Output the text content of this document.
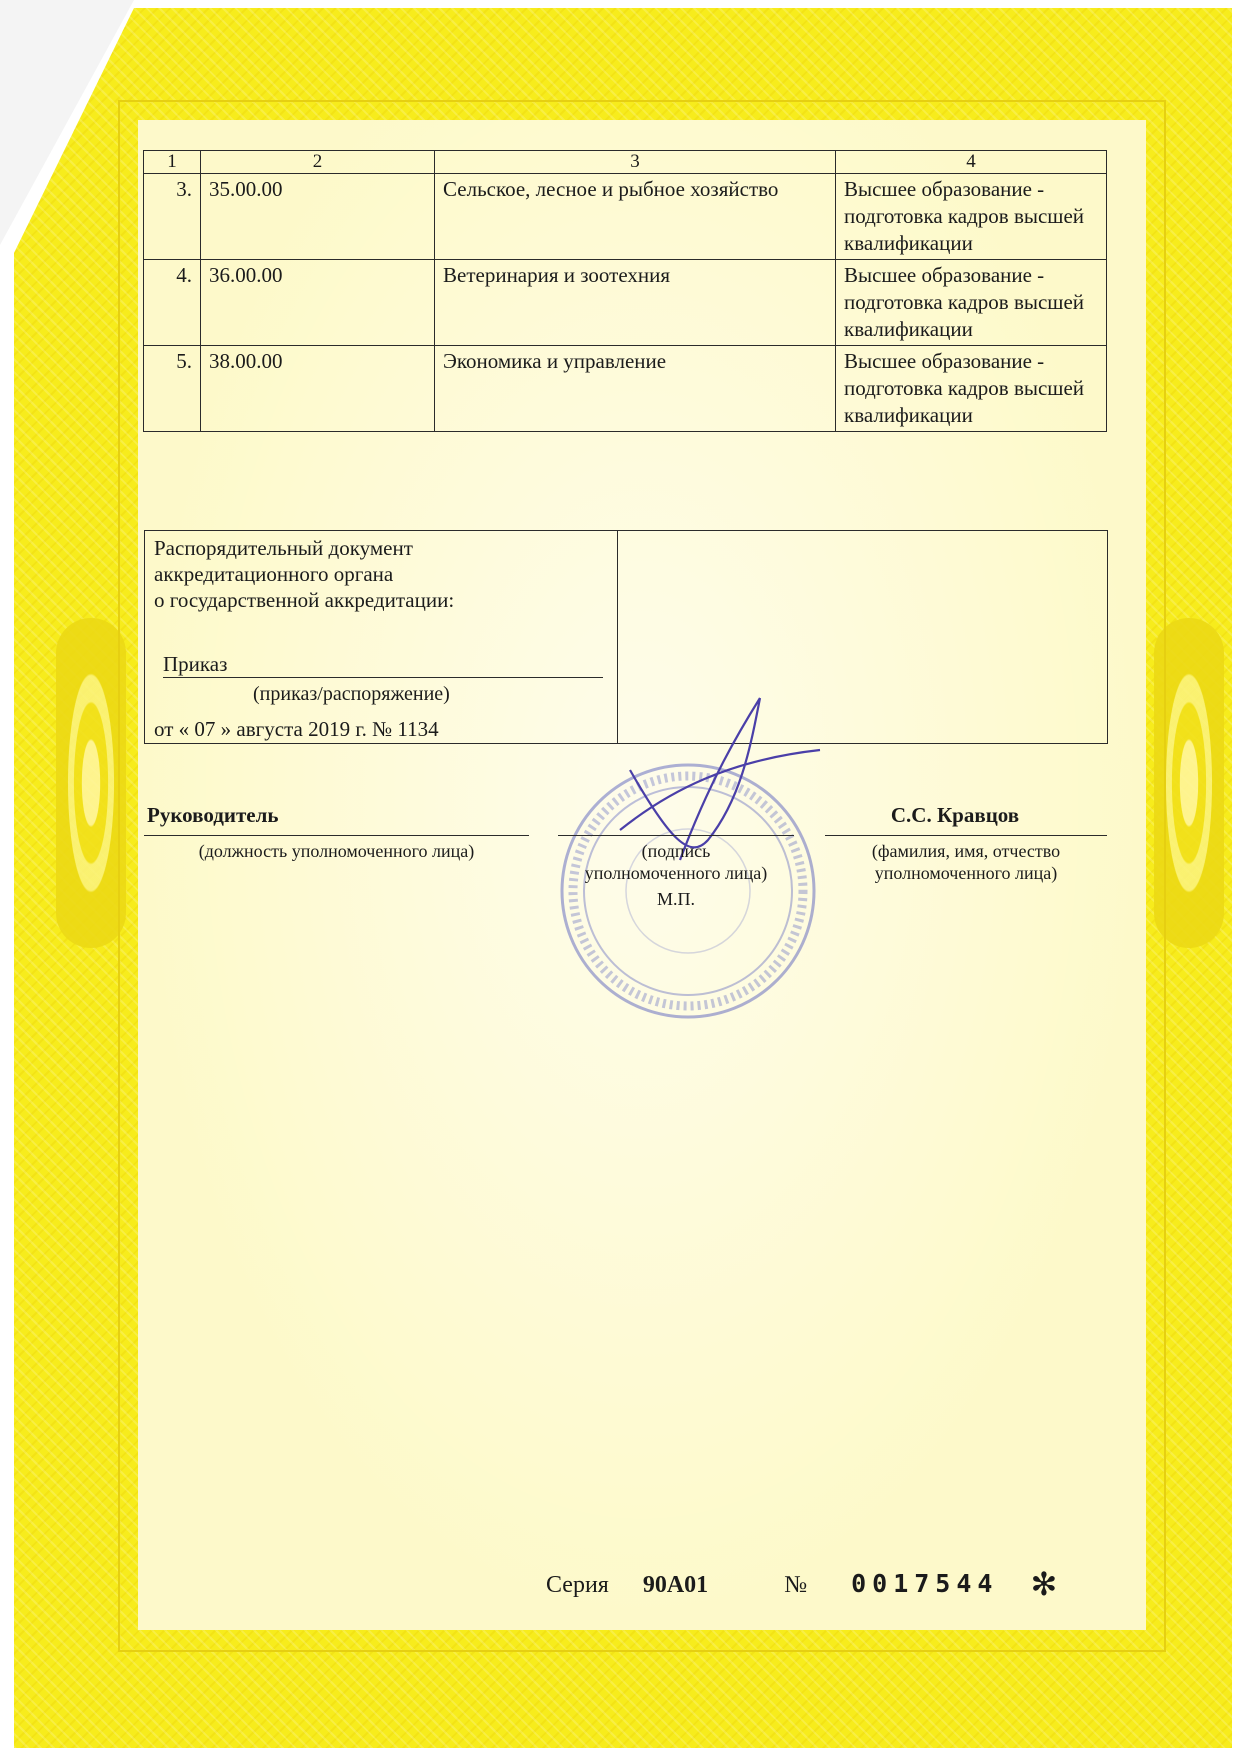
1	2	3	4
3.	35.00.00	Сельское, лесное и рыбное хозяйство	Высшее образование - подготовка кадров высшей квалификации
4.	36.00.00	Ветеринария и зоотехния	Высшее образование - подготовка кадров высшей квалификации
5.	38.00.00	Экономика и управление	Высшее образование - подготовка кадров высшей квалификации
Распорядительный документ
аккредитационного органа
о государственной аккредитации:
Приказ
(приказ/распоряжение)
от « 07 » августа 2019 г. № 1134
Руководитель	С.С. Кравцов
(должность уполномоченного лица)	(подпись
уполномоченного лица)
М.П.
(фамилия, имя, отчество
уполномоченного лица)
Серия 90А01	№ 0017544 ✻
